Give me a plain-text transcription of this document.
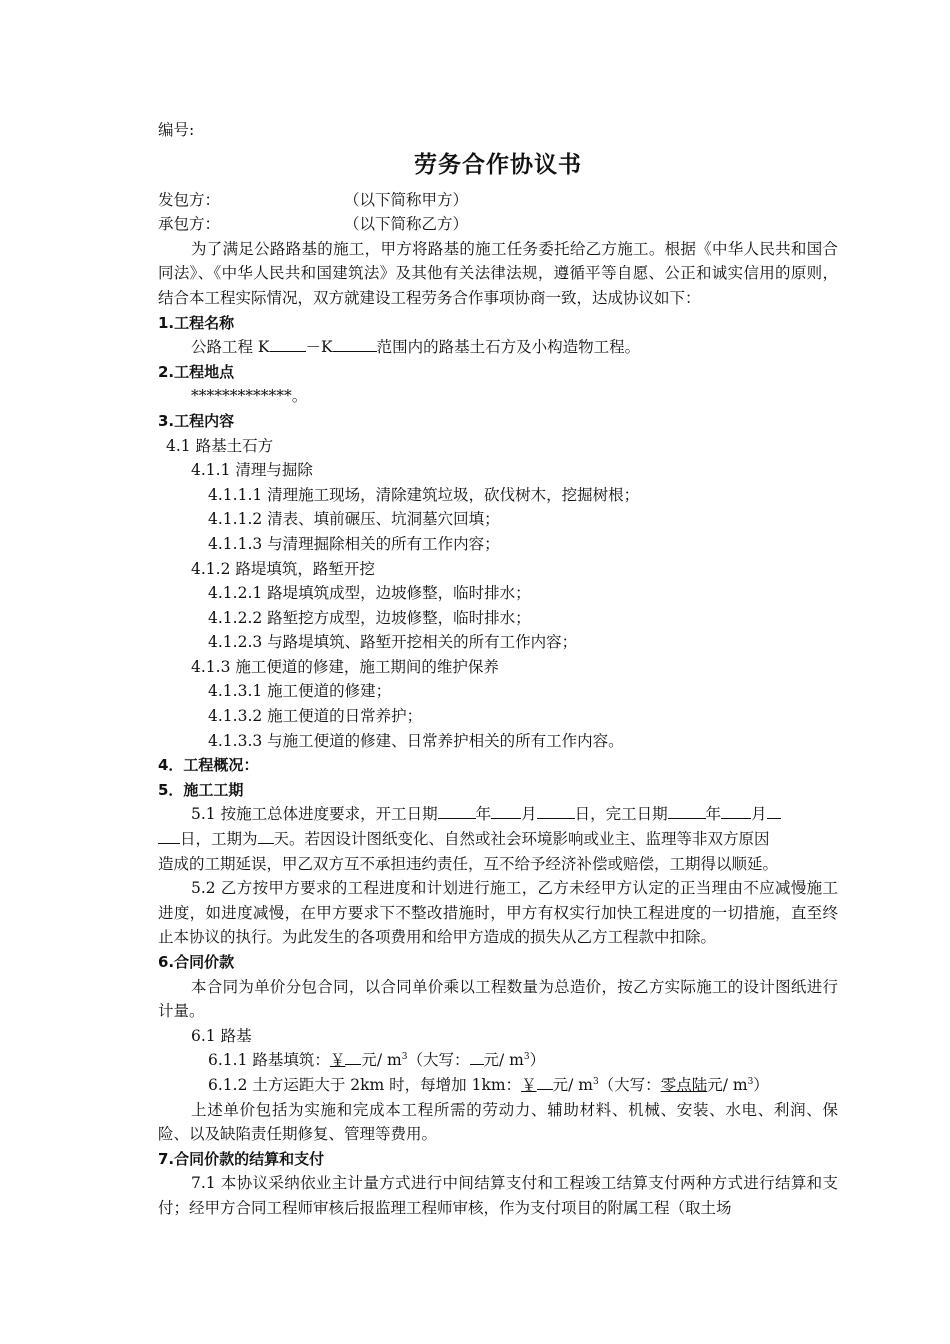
编号:
劳务合作协议书
发包方：	（以下简称甲方）
承包方：	（以下简称乙方）
为了满足公路路基的施工，甲方将路基的施工任务委托给乙方施工。根据《中华人民共和国合同法》、《中华人民共和国建筑法》及其他有关法律法规，遵循平等自愿、公正和诚实信用的原则，结合本工程实际情况，双方就建设工程劳务合作事项协商一致，达成协议如下：
1.工程名称
公路工程 K －K	范围内的路基土石方及小构造物工程。
2.工程地点
*************。
3.工程内容
4.1 路基土石方
4.1.1 清理与掘除
4.1.1.1 清理施工现场，清除建筑垃圾，砍伐树木，挖掘树根；
4.1.1.2 清表、填前碾压、坑洞墓穴回填；
4.1.1.3 与清理掘除相关的所有工作内容；
4.1.2 路堤填筑，路堑开挖
4.1.2.1 路堤填筑成型，边坡修整，临时排水；
4.1.2.2 路堑挖方成型，边坡修整，临时排水；
4.1.2.3 与路堤填筑、路堑开挖相关的所有工作内容；
4.1.3 施工便道的修建，施工期间的维护保养
4.1.3.1 施工便道的修建；
4.1.3.2 施工便道的日常养护；
4.1.3.3 与施工便道的修建、日常养护相关的所有工作内容。
4．工程概况：
5．施工工期
5.1 按施工总体进度要求，开工日期 年 月 日，完工日期 年 月
日，工期为 天。若因设计图纸变化、自然或社会环境影响或业主、监理等非双方原因
造成的工期延误，甲乙双方互不承担违约责任，互不给予经济补偿或赔偿，工期得以顺延。
5.2 乙方按甲方要求的工程进度和计划进行施工，乙方未经甲方认定的正当理由不应减慢施工进度，如进度减慢，在甲方要求下不整改措施时，甲方有权实行加快工程进度的一切措施，直至终止本协议的执行。为此发生的各项费用和给甲方造成的损失从乙方工程款中扣除。
6.合同价款
本合同为单价分包合同，以合同单价乘以工程数量为总造价，按乙方实际施工的设计图纸进行计量。
6.1 路基
6.1.1 路基填筑：￥ 元/ $m^3$（大写： 元/ $m^3$）
6.1.2 土方运距大于 2km 时，每增加 1km：￥ 元/ $m^3$（大写：零点陆元/ $m^3$）
上述单价包括为实施和完成本工程所需的劳动力、辅助材料、机械、安装、水电、利润、保险、以及缺陷责任期修复、管理等费用。
7.合同价款的结算和支付
7.1 本协议采纳依业主计量方式进行中间结算支付和工程竣工结算支付两种方式进行结算和支付；经甲方合同工程师审核后报监理工程师审核，作为支付项目的附属工程（取土场
